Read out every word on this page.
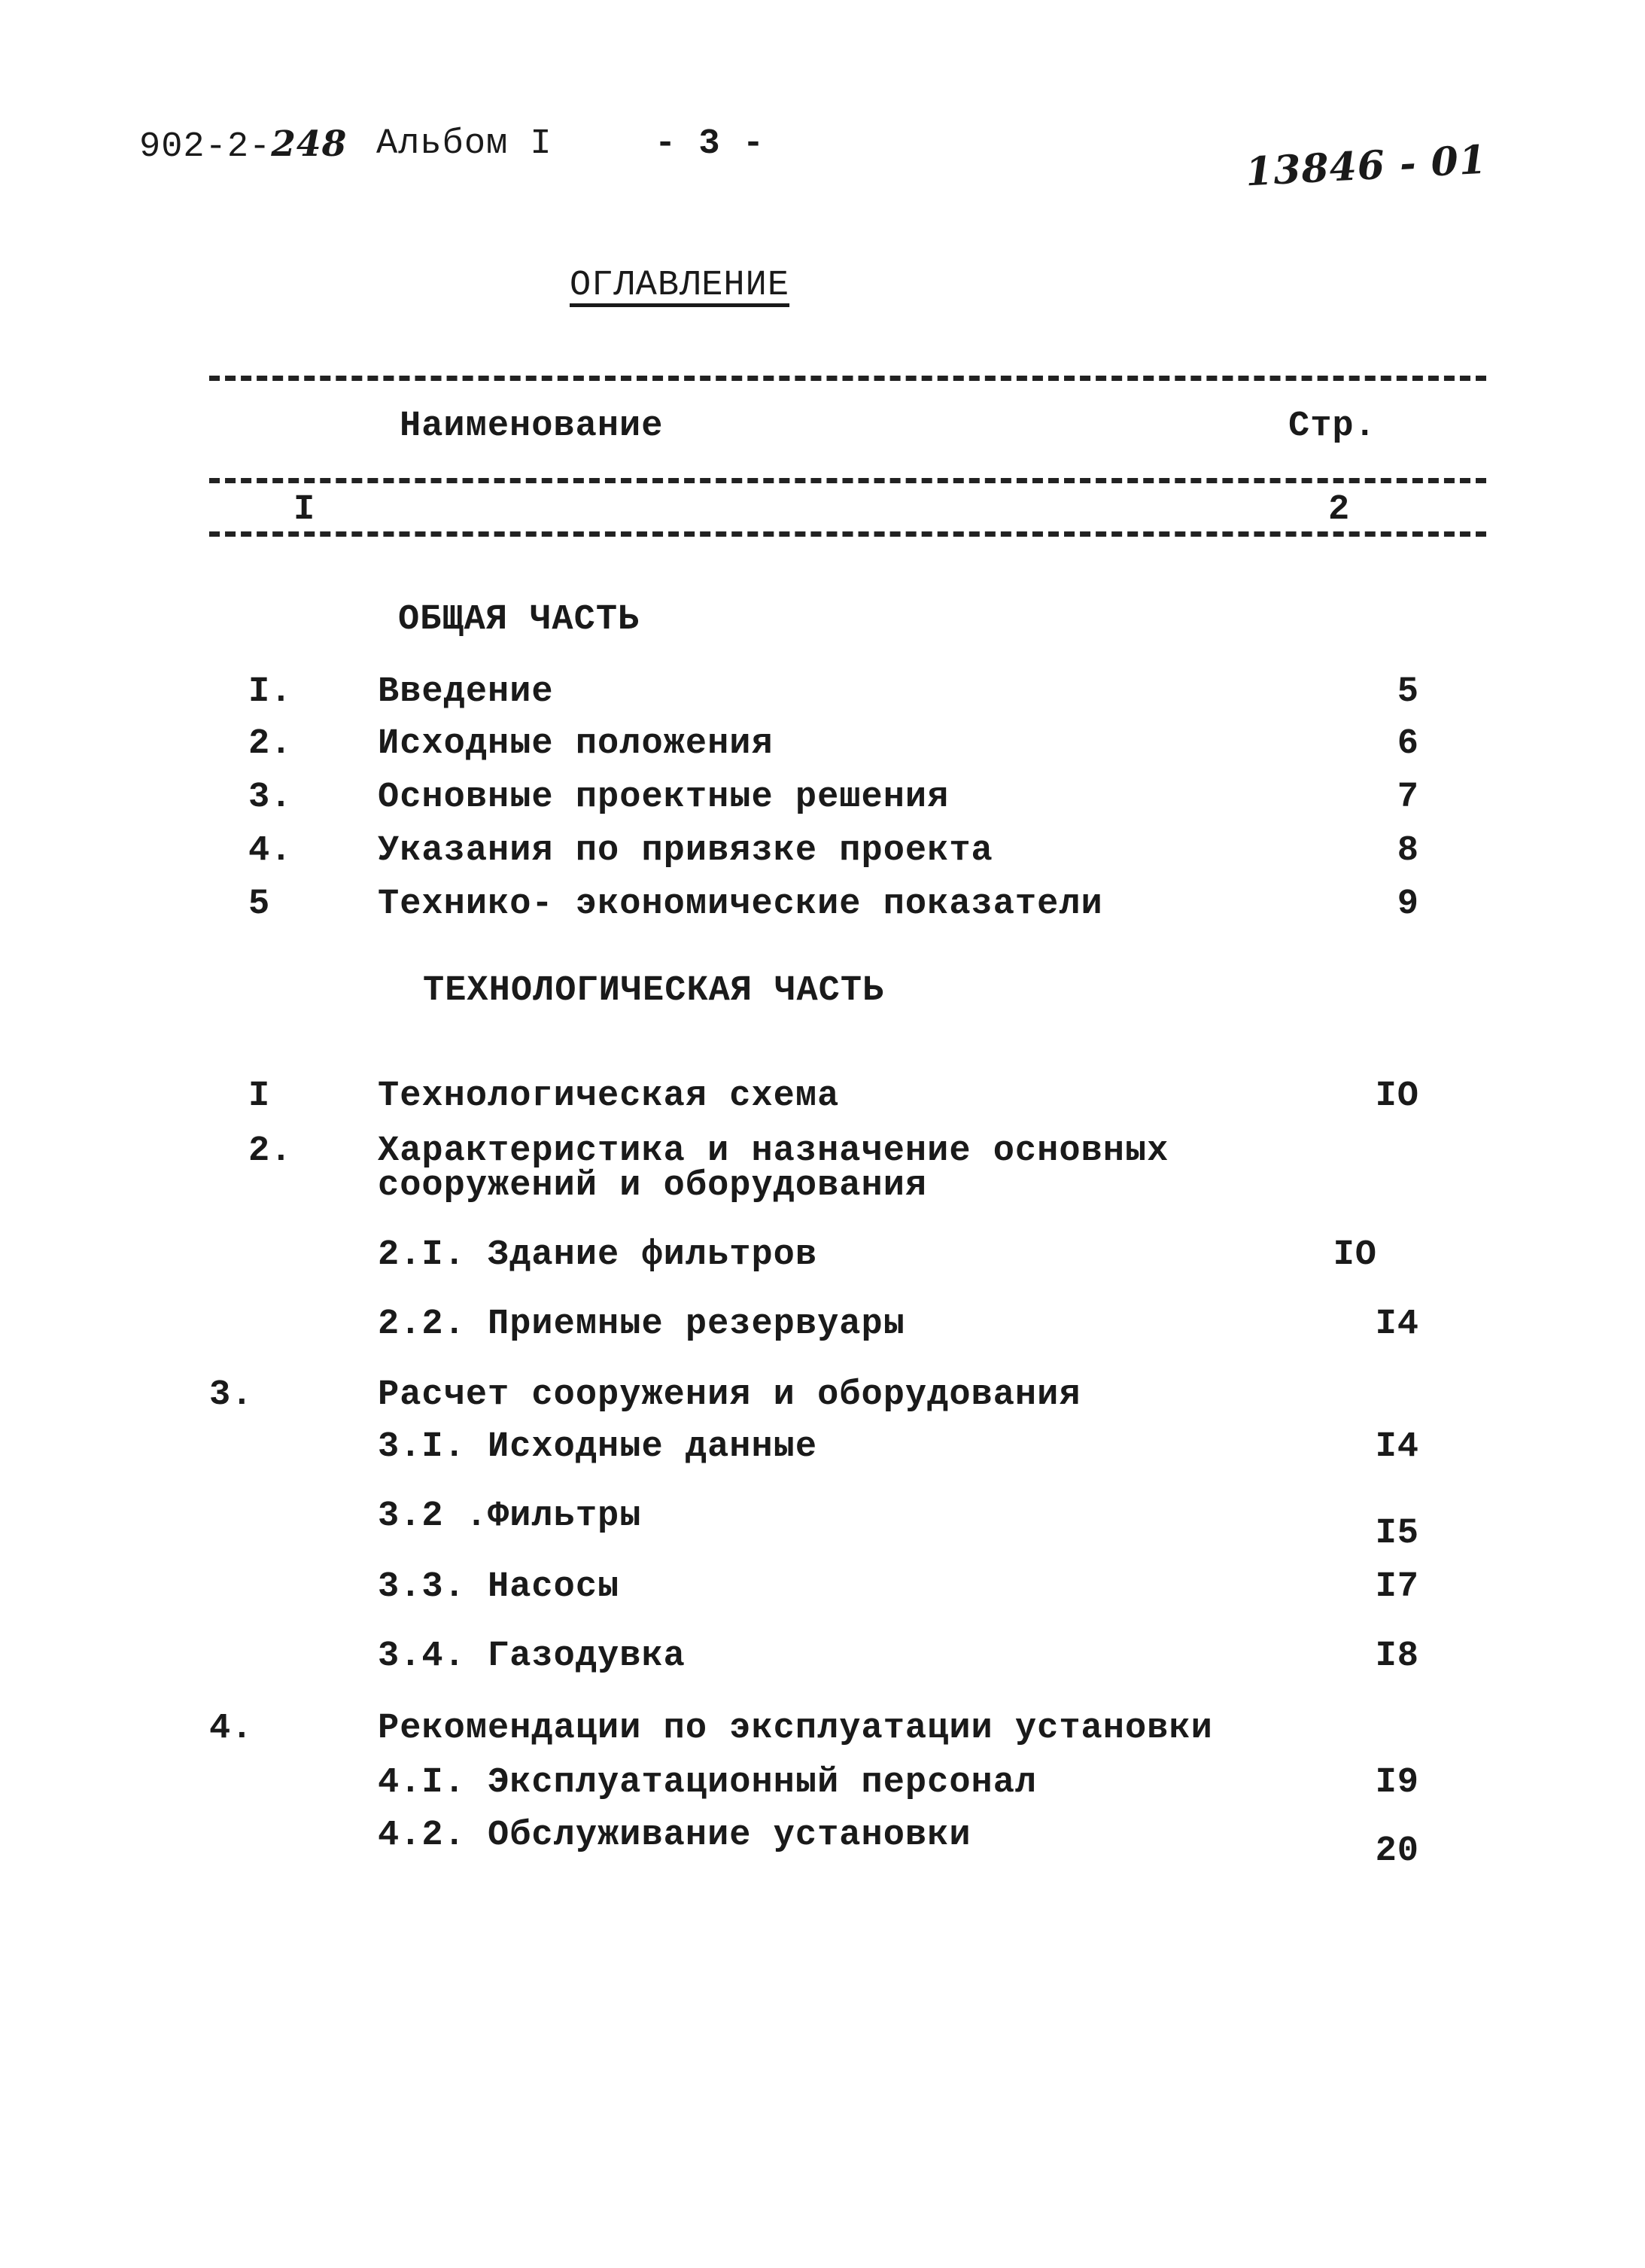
902-2-248 Альбом I	- 3 -	13846 - 01
ОГЛАВЛЕНИЕ
Наименование	Стр.
I	2
ОБЩАЯ ЧАСТЬ
I. Введение	5
2. Исходные положения	6
3. Основные проектные решения	7
4. Указания по привязке проекта	8
5	Технико- экономические показатели	9
ТЕХНОЛОГИЧЕСКАЯ ЧАСТЬ
I	Технологическая схема	IO
2. Характеристика и назначение основных
сооружений и оборудования
2.I. Здание фильтров	IO
2.2. Приемные резервуары	I4
3.	Расчет сооружения и оборудования
3.I. Исходные данные	I4
3.2 .Фильтры	I5
3.3. Насосы	I7
3.4. Газодувка	I8
4.	Рекомендации по эксплуатации установки
4.I. Эксплуатационный персонал	I9
4.2. Обслуживание установки	20
